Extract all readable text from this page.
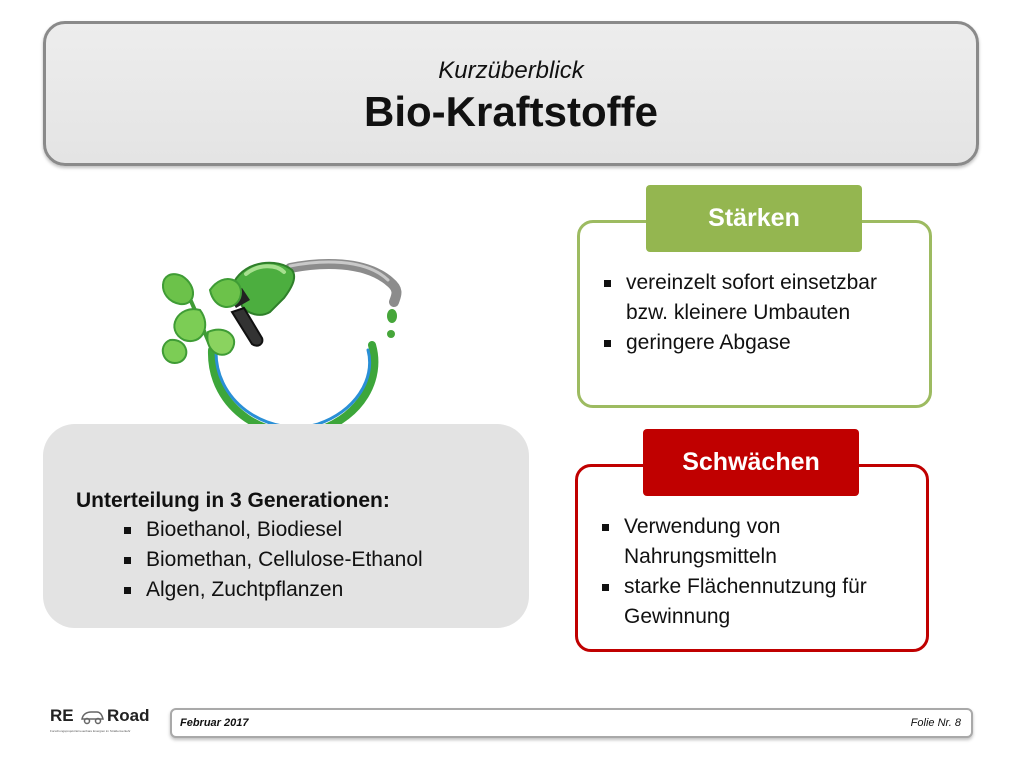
Kurzüberblick
Bio-Kraftstoffe
Stärken
vereinzelt sofort einsetzbar bzw. kleinere Umbauten
geringere Abgase
Schwächen
Verwendung von Nahrungsmitteln
starke Flächennutzung für Gewinnung
Unterteilung in 3 Generationen:
Bioethanol, Biodiesel
Biomethan, Cellulose-Ethanol
Algen, Zuchtpflanzen
RE Road
Forschungsprojekt Erneuerbare Energien im Straßenverkehr
Februar 2017	Folie Nr. 8
